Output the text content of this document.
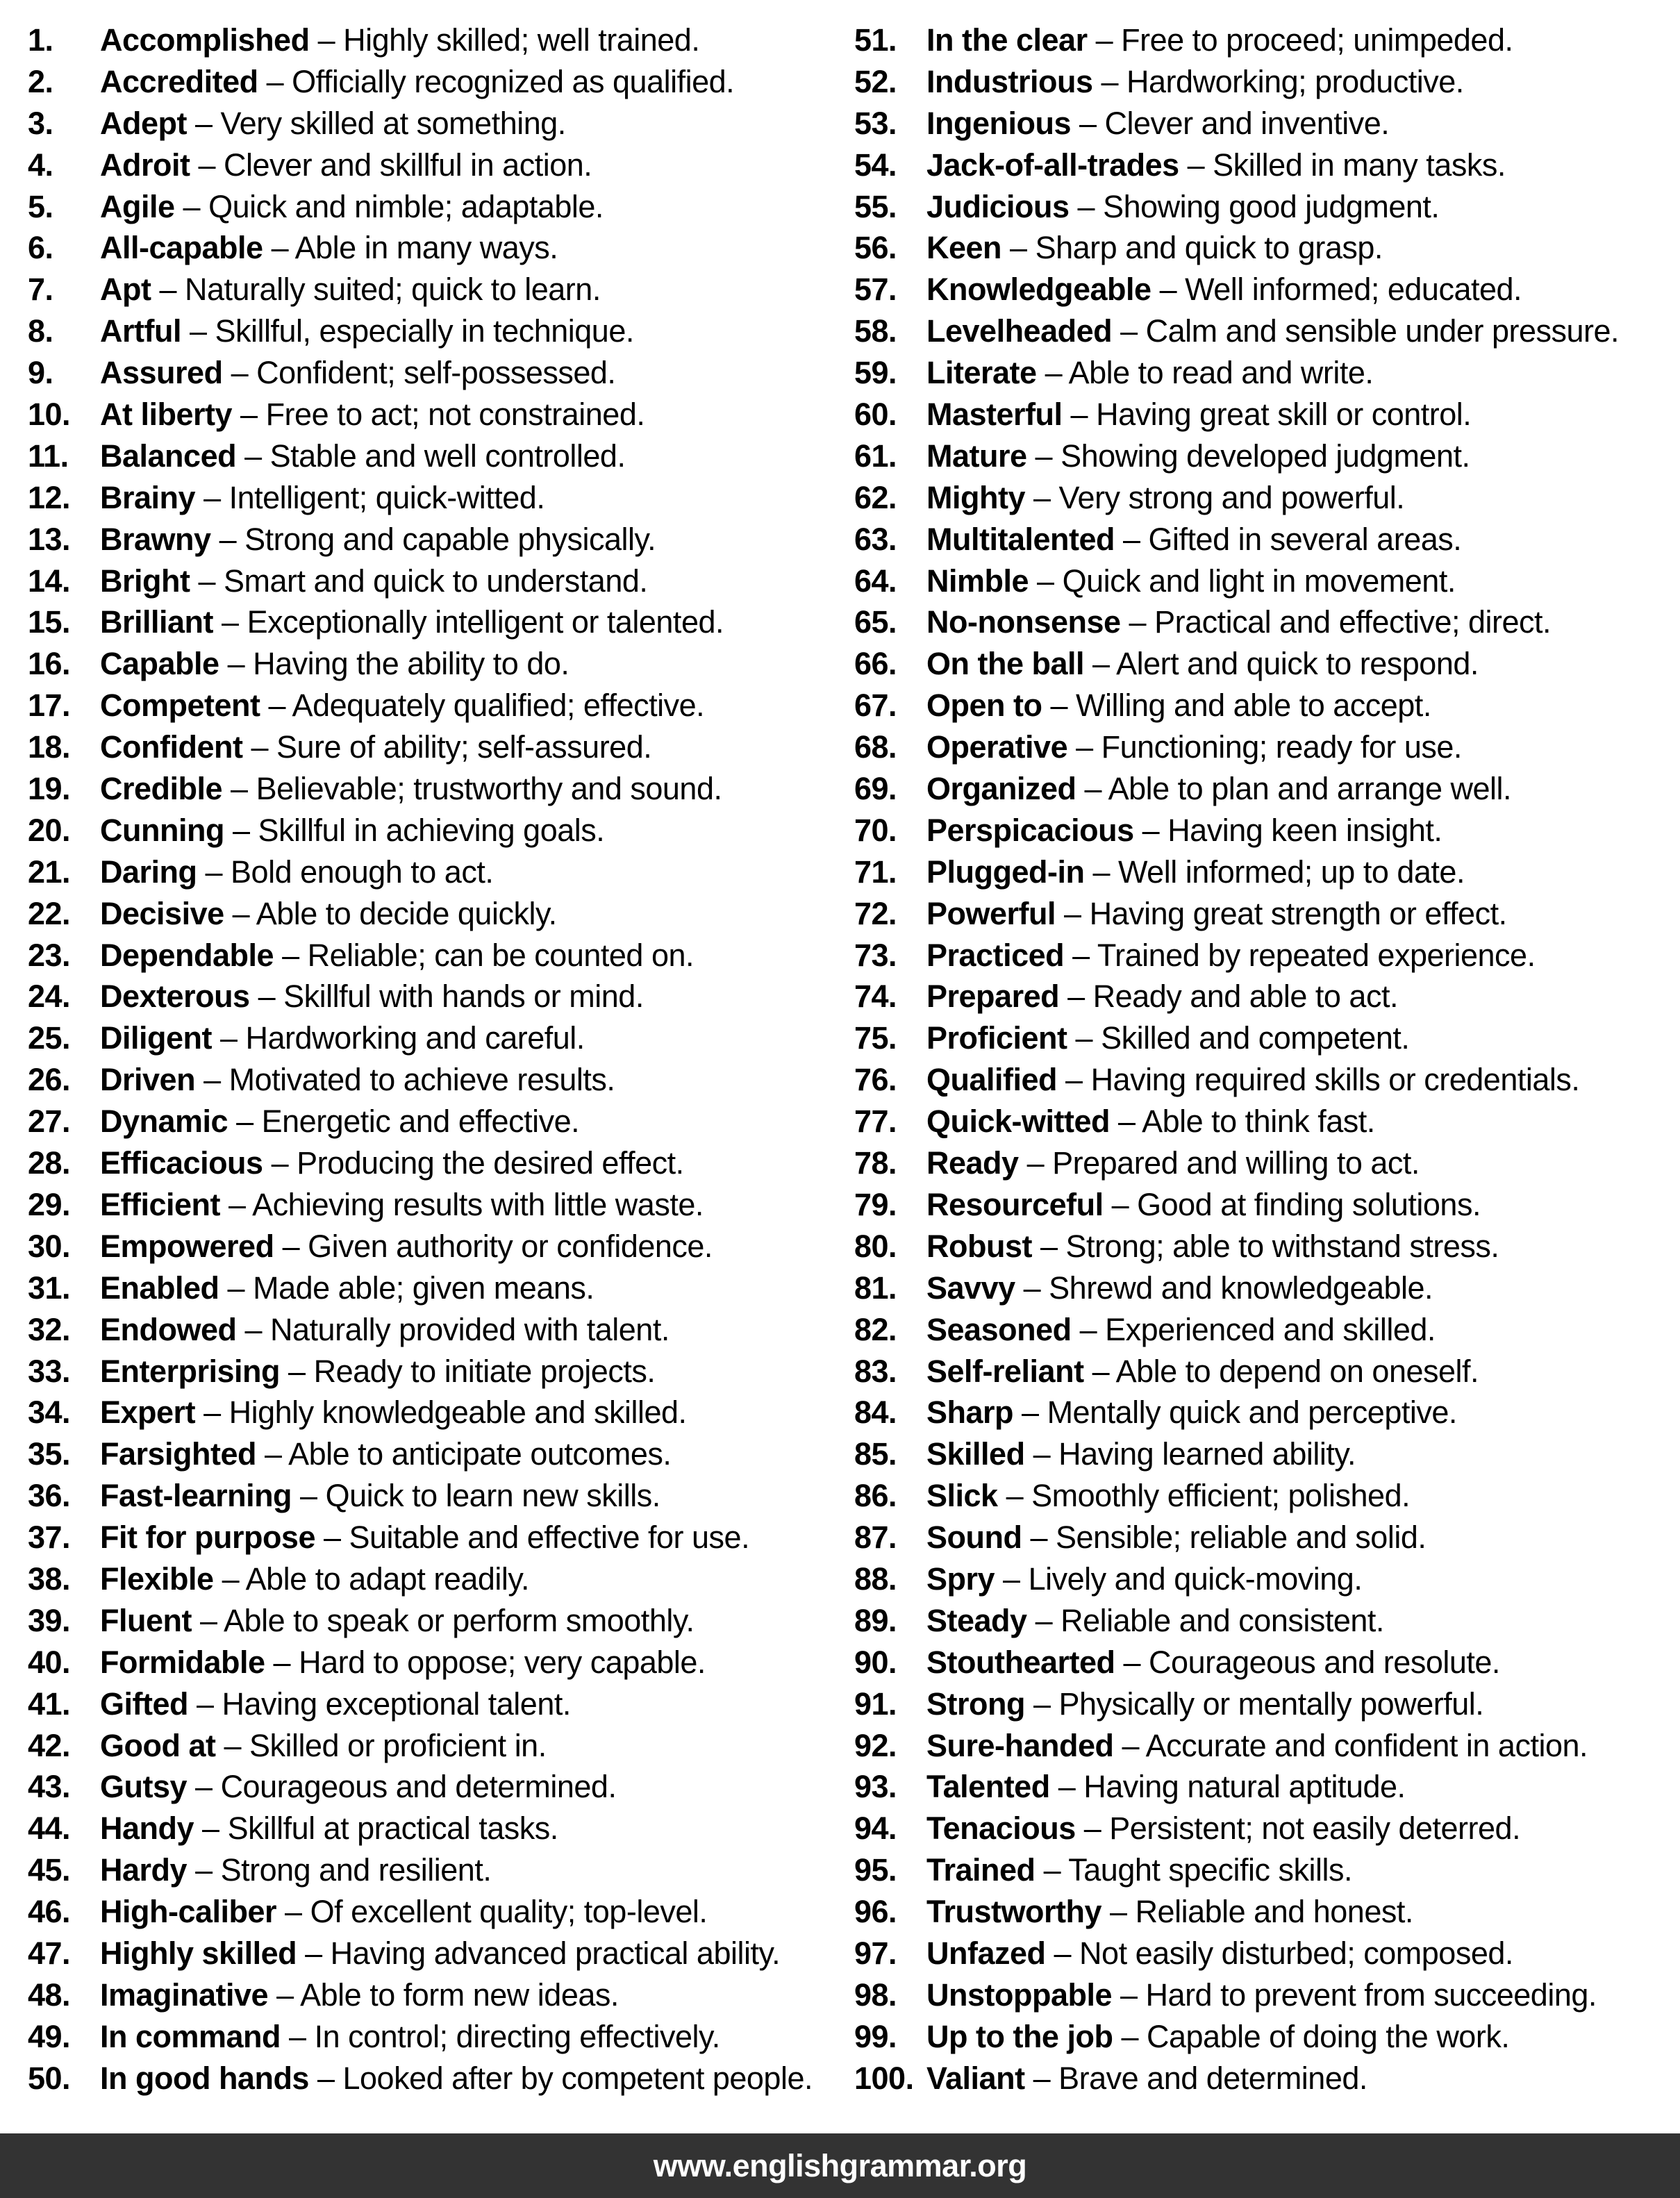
1.	Accomplished – Highly skilled; well trained.
2.	Accredited – Officially recognized as qualified.
3.	Adept – Very skilled at something.
4.	Adroit – Clever and skillful in action.
5.	Agile – Quick and nimble; adaptable.
6.	All-capable – Able in many ways.
7.	Apt – Naturally suited; quick to learn.
8.	Artful – Skillful, especially in technique.
9.	Assured – Confident; self-possessed.
10. At liberty – Free to act; not constrained.
11.	Balanced – Stable and well controlled.
12. Brainy – Intelligent; quick-witted.
13. Brawny – Strong and capable physically.
14. Bright – Smart and quick to understand.
15. Brilliant – Exceptionally intelligent or talented.
16. Capable – Having the ability to do.
17. Competent – Adequately qualified; effective.
18. Confident – Sure of ability; self-assured.
19. Credible – Believable; trustworthy and sound.
20. Cunning – Skillful in achieving goals.
21. Daring – Bold enough to act.
22. Decisive – Able to decide quickly.
23. Dependable – Reliable; can be counted on.
24. Dexterous – Skillful with hands or mind.
25. Diligent – Hardworking and careful.
26. Driven – Motivated to achieve results.
27. Dynamic – Energetic and effective.
28. Efficacious – Producing the desired effect.
29. Efficient – Achieving results with little waste.
30. Empowered – Given authority or confidence.
31. Enabled – Made able; given means.
32. Endowed – Naturally provided with talent.
33. Enterprising – Ready to initiate projects.
34. Expert – Highly knowledgeable and skilled.
35. Farsighted – Able to anticipate outcomes.
36. Fast-learning – Quick to learn new skills.
37. Fit for purpose – Suitable and effective for use.
38. Flexible – Able to adapt readily.
39. Fluent – Able to speak or perform smoothly.
40. Formidable – Hard to oppose; very capable.
41. Gifted – Having exceptional talent.
42. Good at – Skilled or proficient in.
43. Gutsy – Courageous and determined.
44. Handy – Skillful at practical tasks.
45. Hardy – Strong and resilient.
46. High-caliber – Of excellent quality; top-level.
47. Highly skilled – Having advanced practical ability.
48. Imaginative – Able to form new ideas.
49. In command – In control; directing effectively.
50. In good hands – Looked after by competent people.
51. In the clear – Free to proceed; unimpeded.
52. Industrious – Hardworking; productive.
53. Ingenious – Clever and inventive.
54. Jack-of-all-trades – Skilled in many tasks.
55. Judicious – Showing good judgment.
56. Keen – Sharp and quick to grasp.
57. Knowledgeable – Well informed; educated.
58. Levelheaded – Calm and sensible under pressure.
59. Literate – Able to read and write.
60. Masterful – Having great skill or control.
61. Mature – Showing developed judgment.
62. Mighty – Very strong and powerful.
63. Multitalented – Gifted in several areas.
64. Nimble – Quick and light in movement.
65. No-nonsense – Practical and effective; direct.
66. On the ball – Alert and quick to respond.
67. Open to – Willing and able to accept.
68. Operative – Functioning; ready for use.
69. Organized – Able to plan and arrange well.
70. Perspicacious – Having keen insight.
71. Plugged-in – Well informed; up to date.
72. Powerful – Having great strength or effect.
73. Practiced – Trained by repeated experience.
74. Prepared – Ready and able to act.
75. Proficient – Skilled and competent.
76. Qualified – Having required skills or credentials.
77. Quick-witted – Able to think fast.
78. Ready – Prepared and willing to act.
79. Resourceful – Good at finding solutions.
80. Robust – Strong; able to withstand stress.
81. Savvy – Shrewd and knowledgeable.
82. Seasoned – Experienced and skilled.
83. Self-reliant – Able to depend on oneself.
84. Sharp – Mentally quick and perceptive.
85. Skilled – Having learned ability.
86. Slick – Smoothly efficient; polished.
87. Sound – Sensible; reliable and solid.
88. Spry – Lively and quick-moving.
89. Steady – Reliable and consistent.
90. Stouthearted – Courageous and resolute.
91. Strong – Physically or mentally powerful.
92. Sure-handed – Accurate and confident in action.
93. Talented – Having natural aptitude.
94. Tenacious – Persistent; not easily deterred.
95. Trained – Taught specific skills.
96. Trustworthy – Reliable and honest.
97. Unfazed – Not easily disturbed; composed.
98. Unstoppable – Hard to prevent from succeeding.
99. Up to the job – Capable of doing the work.
100. Valiant – Brave and determined.
www.englishgrammar.org
